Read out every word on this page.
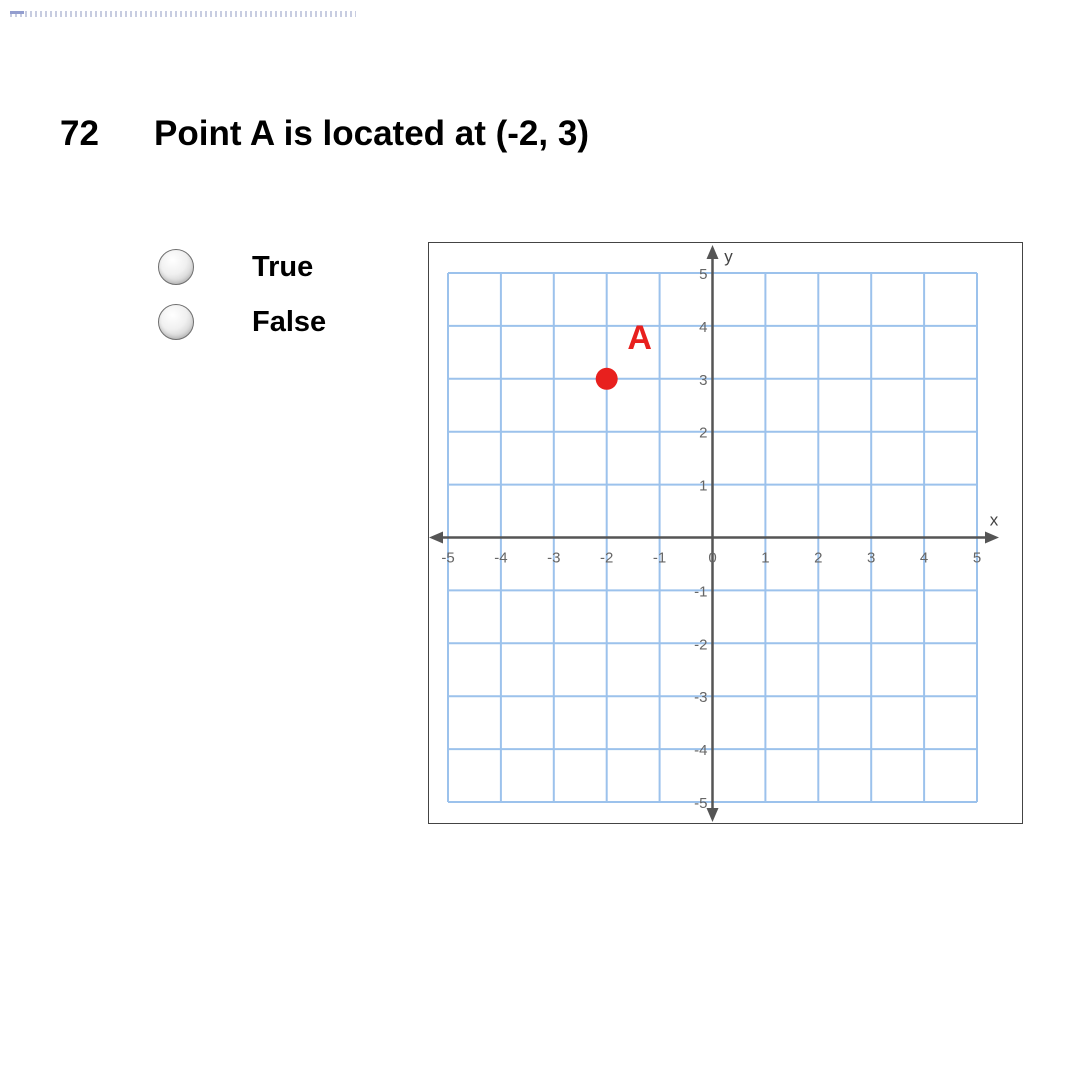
72 Point A is located at (-2, 3)
True
False
-5	-4	-3	-2	-1	0	1	2	3	4	5
5
4
3
2
1
-1
-2
-3
-4
-5
x
y
A
